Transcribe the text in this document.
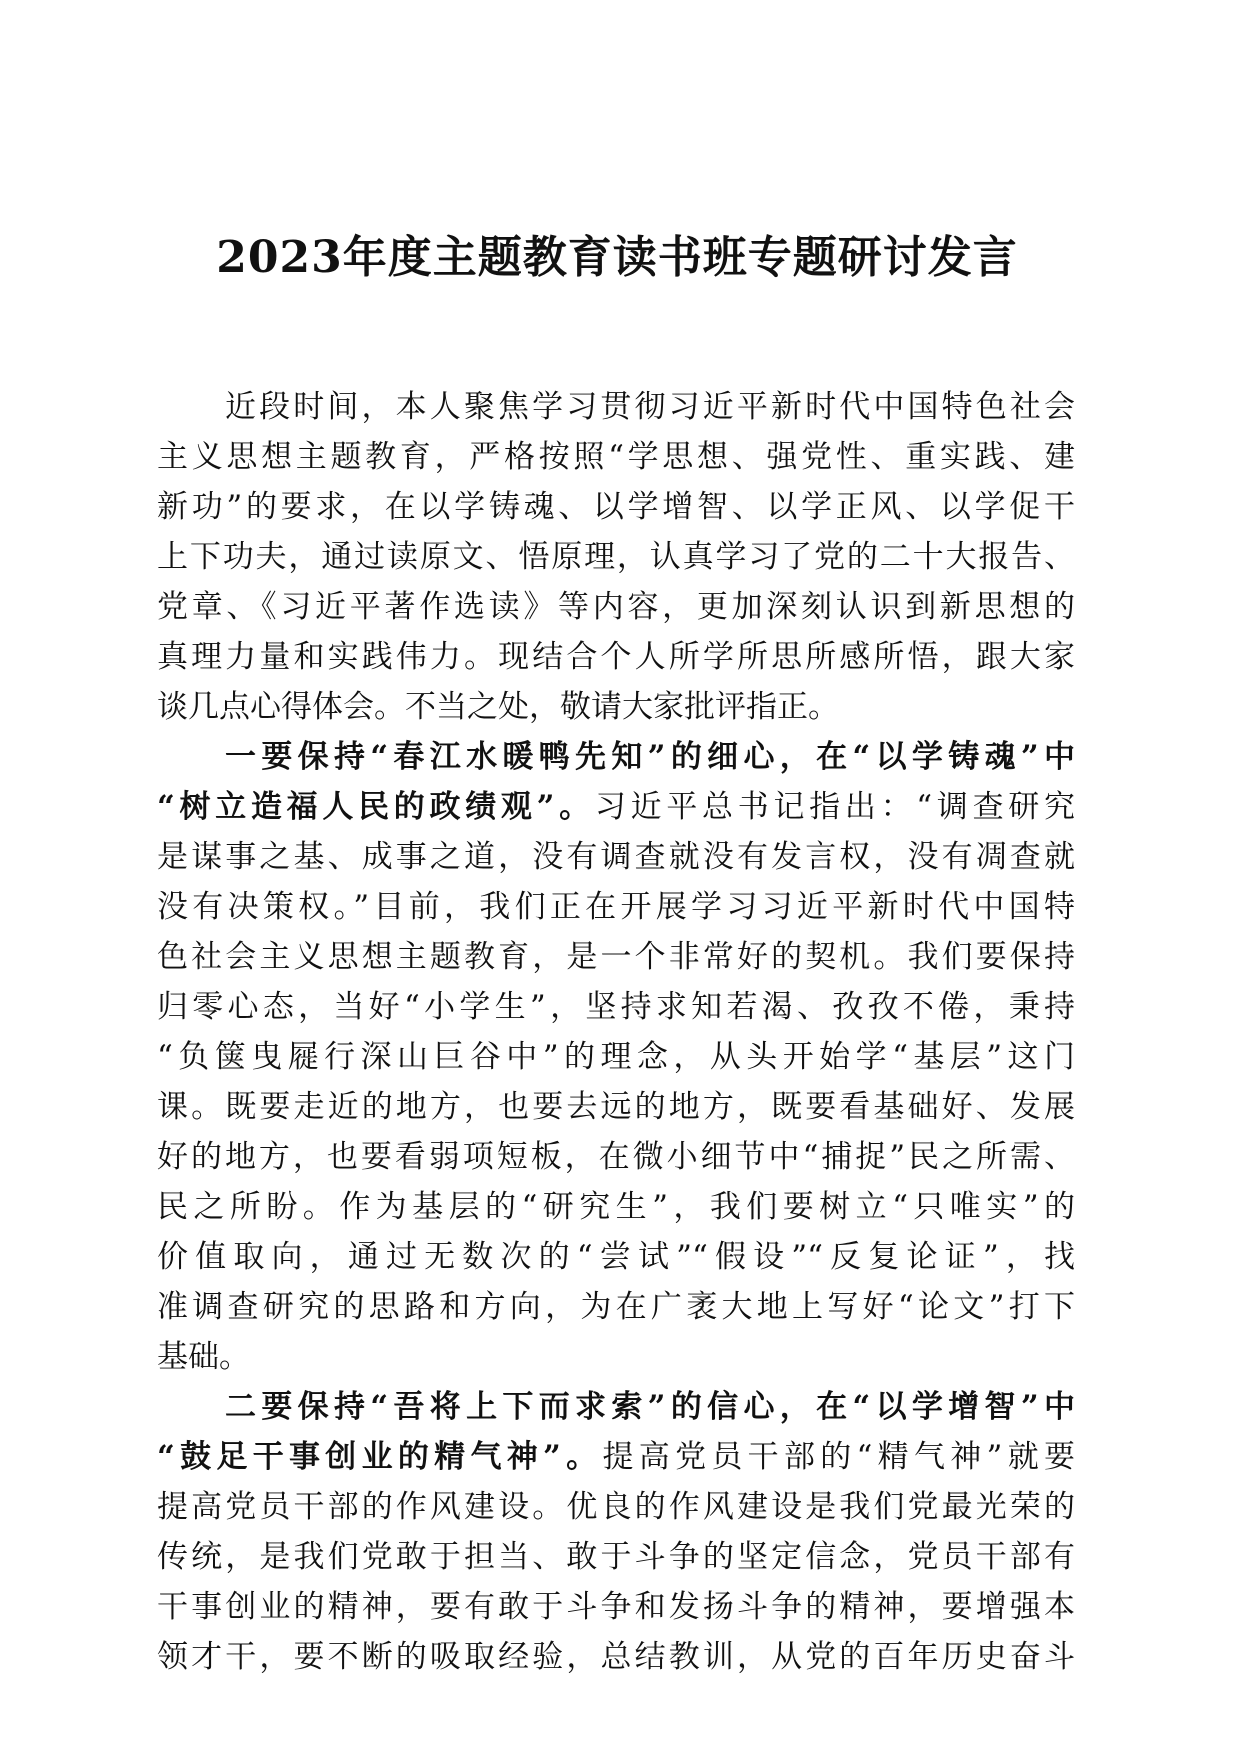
2023年度主题教育读书班专题研讨发言
近段时间，本人聚焦学习贯彻习近平新时代中国特色社会
主义思想主题教育，严格按照“学思想、强党性、重实践、建
新功”的要求，在以学铸魂、以学增智、以学正风、以学促干
上下功夫，通过读原文、悟原理，认真学习了党的二十大报告、
党章、《习近平著作选读》等内容，更加深刻认识到新思想的
真理力量和实践伟力。现结合个人所学所思所感所悟，跟大家
谈几点心得体会。不当之处，敬请大家批评指正。
一要保持“春江水暖鸭先知”的细心，在“以学铸魂”中
“树立造福人民的政绩观”。习近平总书记指出：“调查研究
是谋事之基、成事之道，没有调查就没有发言权，没有凋查就
没有决策权。”目前，我们正在开展学习习近平新时代中国特
色社会主义思想主题教育，是一个非常好的契机。我们要保持
归零心态，当好“小学生”，坚持求知若渴、孜孜不倦，秉持
“负箧曳屣行深山巨谷中”的理念，从头开始学“基层”这门
课。既要走近的地方，也要去远的地方，既要看基础好、发展
好的地方，也要看弱项短板，在微小细节中“捕捉”民之所需、
民之所盼。作为基层的“研究生”，我们要树立“只唯实”的
价值取向，通过无数次的“尝试”“假设”“反复论证”，找
准调查研究的思路和方向，为在广袤大地上写好“论文”打下
基础。
二要保持“吾将上下而求索”的信心，在“以学增智”中
“鼓足干事创业的精气神”。提高党员干部的“精气神”就要
提高党员干部的作风建设。优良的作风建设是我们党最光荣的
传统，是我们党敢于担当、敢于斗争的坚定信念，党员干部有
干事创业的精神，要有敢于斗争和发扬斗争的精神，要增强本
领才干，要不断的吸取经验，总结教训，从党的百年历史奋斗
